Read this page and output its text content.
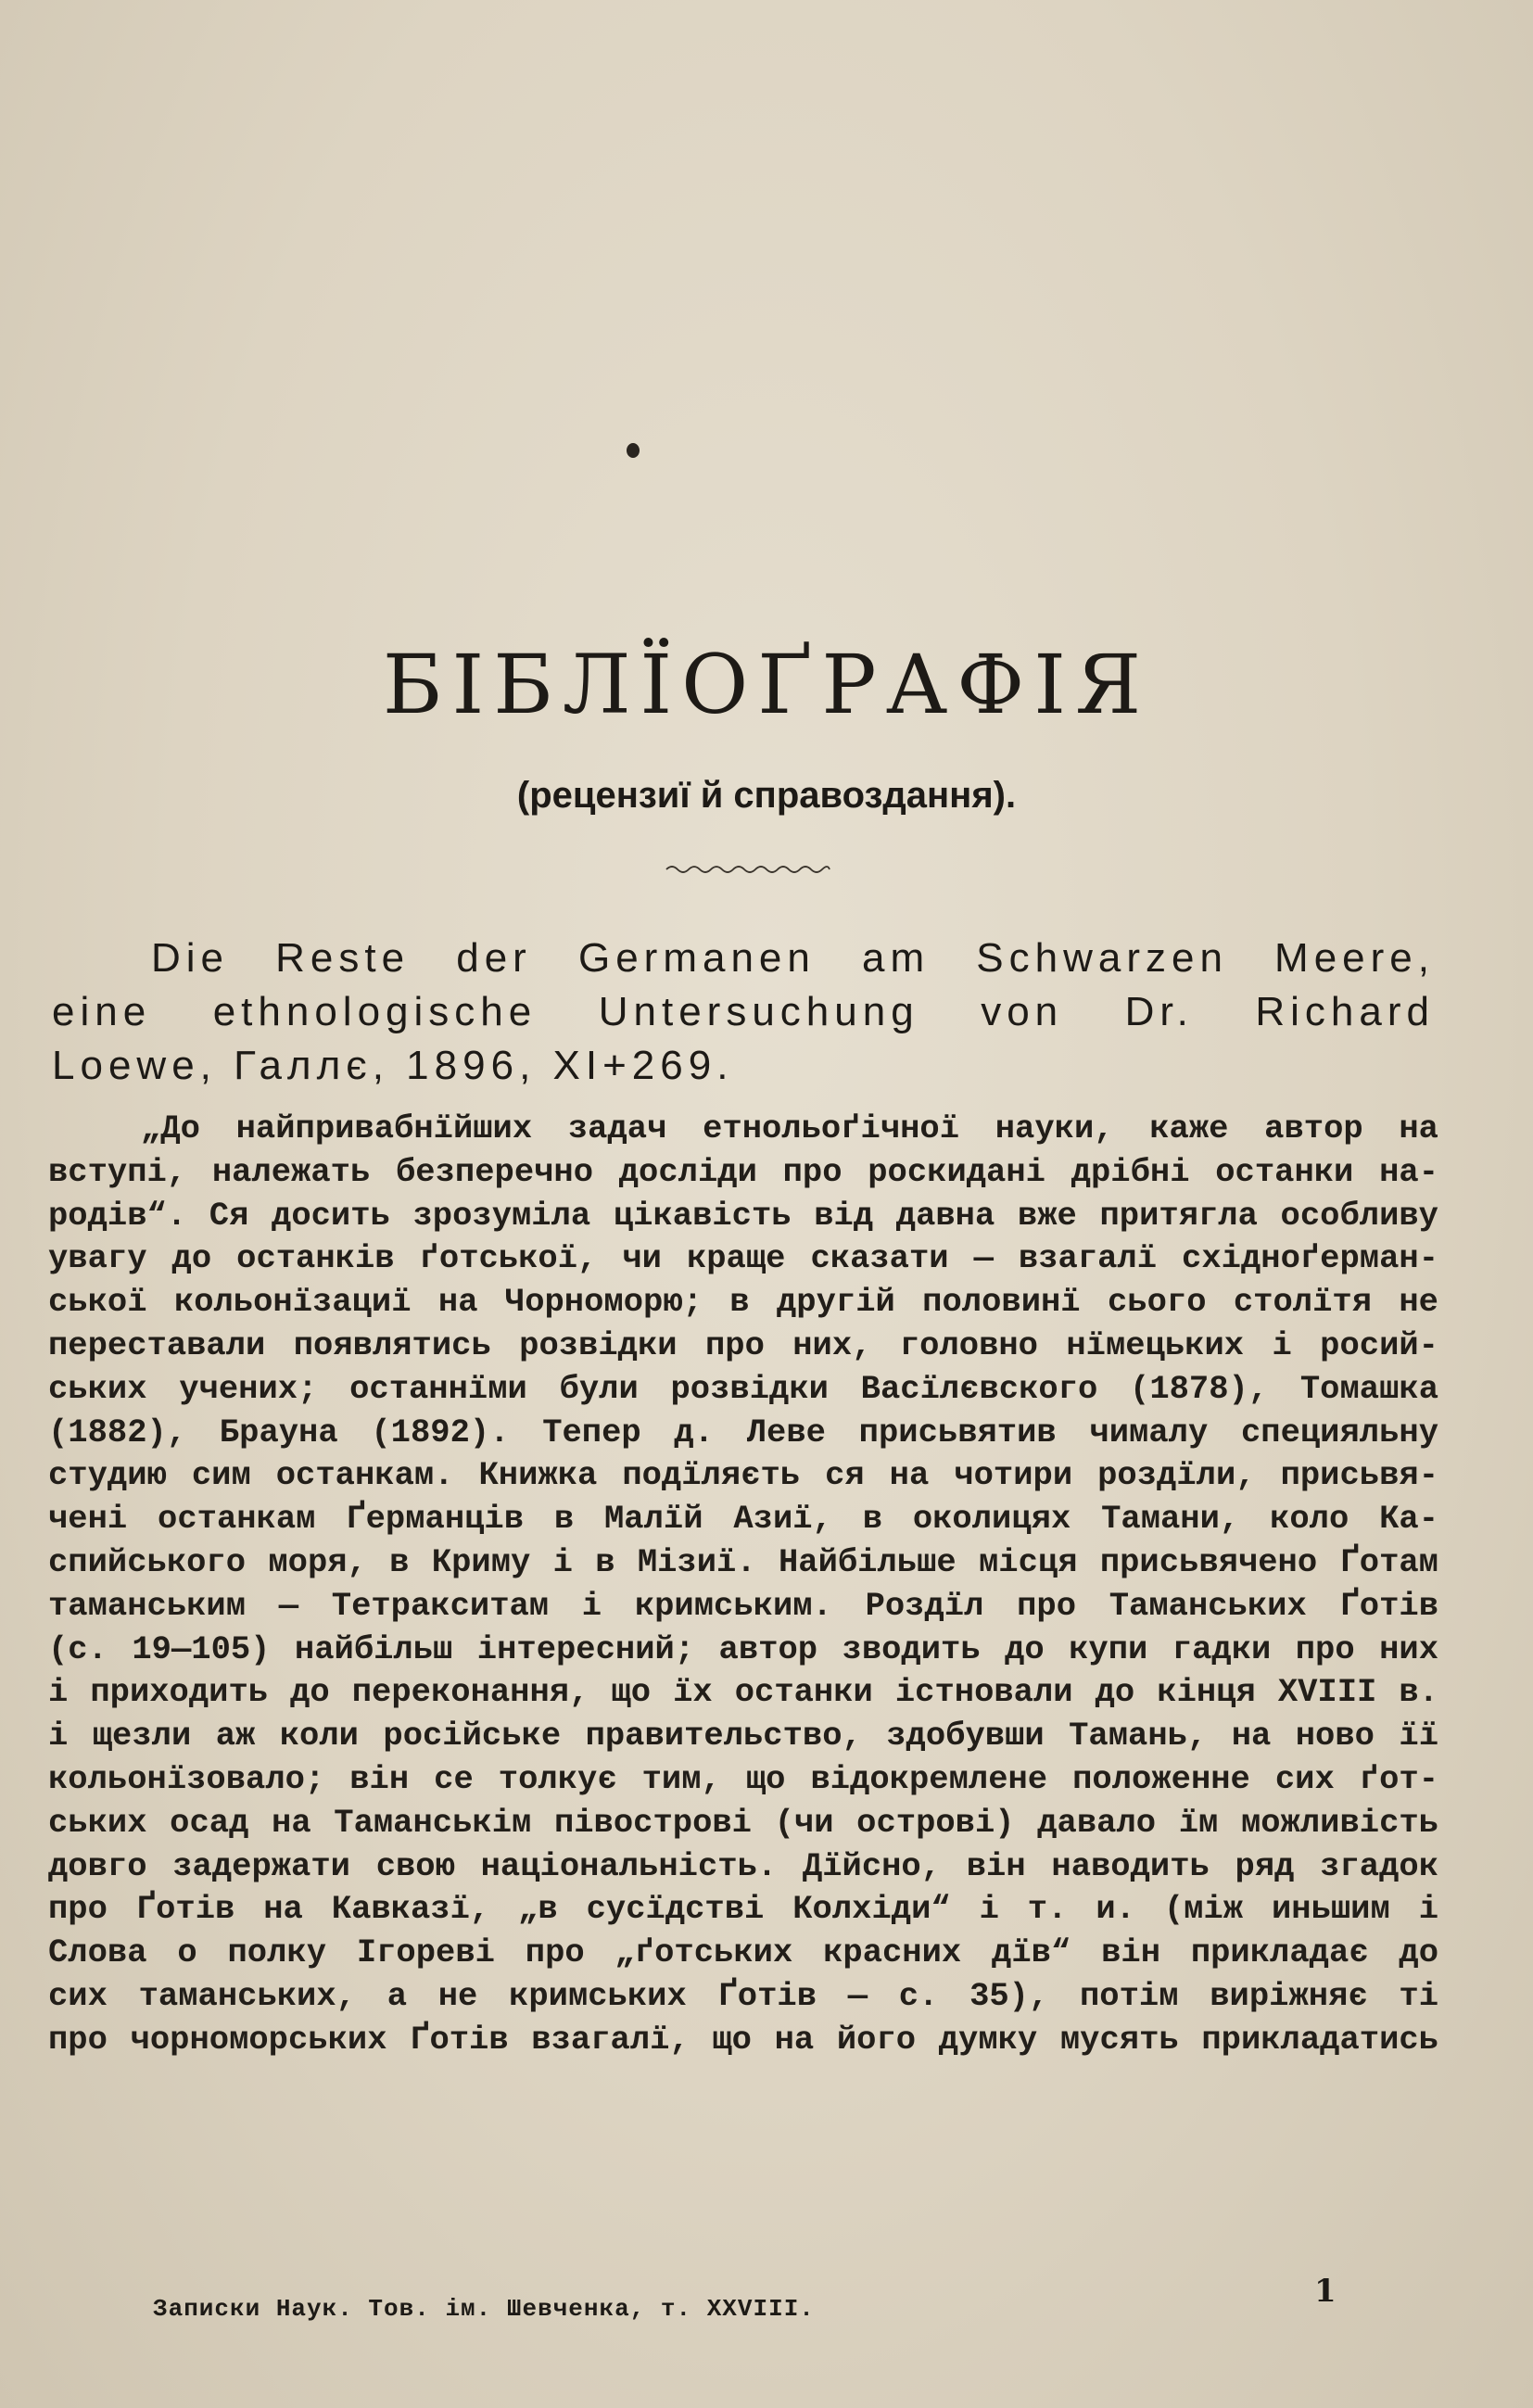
БІБЛЇОҐРАФІЯ
(рецензиї й справоздання).

Die Reste der Germanen am Schwarzen Meere,

eine ethnologische Untersuchung von Dr. Richard

Loewe, Галлє, 1896, XI+269.

„До найпривабнїйших задач етнольоґічної науки, каже автор на
вступі, належать безперечно досліди про роскидані дрібні останки на-
родів“. Ся досить зрозуміла цікавість від давна вже притягла особливу
увагу до останків ґотської, чи краще сказати — взагалї східноґерман-
ської кольонїзациї на Чорноморю; в другій половинї сього столїтя не
переставали появлятись розвідки про них, головно нїмецьких і росий-
ських учених; останнїми були розвідки Васїлєвского (1878), Томашка
(1882), Брауна (1892). Тепер д. Леве присьвятив чималу специяльну
студию сим останкам. Книжка подїляєть ся на чотири роздїли, присьвя-
чені останкам Ґерманців в Малїй Азиї, в околицях Тамани, коло Ка-
спийського моря, в Криму і в Мізиї. Найбільше місця присьвячено Ґотам
таманським — Тетракситам і кримським. Роздїл про Таманських Ґотів
(с. 19—105) найбільш інтересний; автор зводить до купи гадки про них
і приходить до переконання, що їх останки істновали до кінця XVIII в.
і щезли аж коли російське правительство, здобувши Тамань, на ново її
кольонїзовало; він се толкує тим, що відокремлене положенне сих ґот-
ських осад на Таманськім півострові (чи острові) давало їм можливість
довго задержати свою національність. Дїйсно, він наводить ряд згадок
про Ґотів на Кавказї, „в сусїдстві Колхіди“ і т. и. (між иньшим і
Слова о полку Ігореві про „ґотських красних дїв“ він прикладає до
сих таманських, а не кримських Ґотів — с. 35), потім виріжняє ті
про чорноморських Ґотів взагалї, що на його думку мусять прикладатись
Записки Наук. Тов. ім. Шевченка, т. XXVIII.	1
